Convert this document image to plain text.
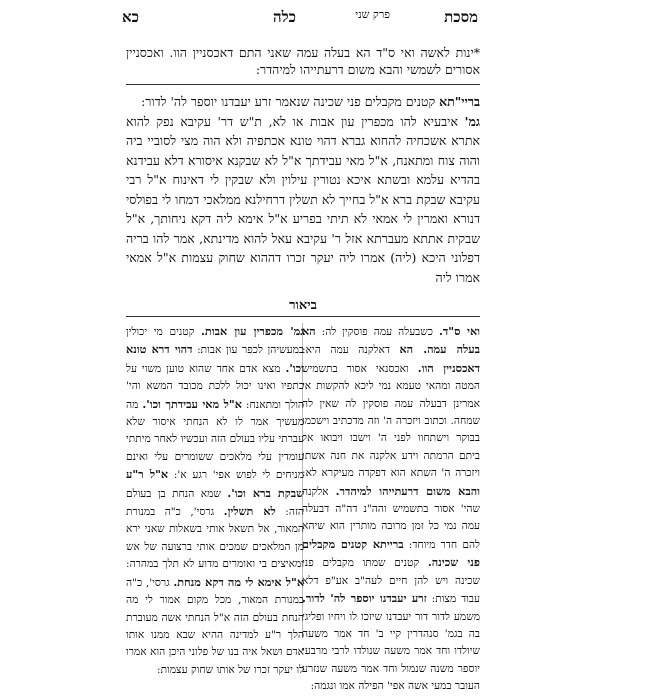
מסכת
פרק שני
כלה
כא
*ינות לאשה ואי ס"ד הא בעלה עמה שאני התם דאכסניין הוו. ואכסניין אסורים לשמשי והבא משום דרעתייהו למיהדר:
בריי"תא קטנים מקבלים פני שכינה שנאמר זרע יעבדנו יוספר לה' לדור:
גמ' איבעיא להו מכפרין עון אבות או לא, ת"ש דר' עקיבא נפק להוא אתרא אשכחיה להחוא גברא דהוי טונא אכתפיה ולא הוה מצי לסוביי ביה והוה צוח ומתאנח, א"ל מאי עבידתך א"ל לא שבקנא איסורא דלא עבידנא בהדיא עלמא ובשתא איכא נטורין עילוין ולא שבקין לי דאינוח א"ל רבי עקיבא שבקת ברא א"ל בחייך לא תשלין דרחילנא ממלאכי דמחו לי בפולסי דנורא ואמרין לי אמאי לא תיתי בפריע א"ל אימא ליה דקא ניחותך, א"ל שבקית אתתא מעברתא אזל ר' עקיבא עאל להוא מדינתא, אמר להו בריה דפלוני היכא (ליה) אמרו ליה יעקר זכרו דההוא שחוק עצמות א"ל אמאי אמרו ליה
ביאור
ואי ס"ד. כשבעלה עמה פוסקין לה: הא בעלה עמה. הא דאלקנה עמה היא: דאכסניין הוו. ואכסנאי אסור בתשמיש המטה ומהאי טעמא נמי ליכא להקשות אי אמרינן דבעלה עמה פוסקין לה שאין לה שמחה. וכתוב ויזכרה ה' וזה מדכתיב וישכמו בבוקר וישתחוו לפני ה' וישבו ויבואו אל ביתם הרמתה וידע אלקנה את חנה אשתו ויזכרה ה' השתא הוא דפקדה מעיקרא לא: והבא משום דרעתייהו למיהדר. אלקנה שהי' אסור בתשמיש והה"נ דה"ה דבעלה עמה נמי כל זמן מרובה מותרין הוא שיהא להם חדר מיוחד: ברייתא קטנים מקבלים פני שכינה. קטנים שמתו מקבלים פני שכינה ויש להן חיים לעה"ב אע"פ דלא עבוד מצות: זרע יעבדנו יוספר לה' לדור. משמע לדור דור יעבדנו שיזכו לו ויחיו ופליגי בה בגמ' סנהדרין קיי ב' חד אמר משעה שיולדו וחד אמר משעה שנולדו לרבי מרבעי יוספר משנה שנמול וחד אמר משעה שנזרע העובר במעי אשה אפי' הפילה אמו ונגמה:
גמ' מכפרין עון אבות. קטנים מי יכולין במעשיהן לכפר עון אבות: דהוי דרא טונא וכו'. מצא אדם אחד שהוא טוען משוי על כתפיו ואינו יכול ללכת מכובד המשא והי' הולך ומתאנח: א"ל מאי עבידתך וכו'. מה מעשיך אמר לו לא הנחתי איסור שלא עברתי עליו בעולם הזה ועכשיו לאחר מיתתי עומדין עלי מלאכים ששומרים עלי ואינם מניחים לי לפוש אפי' רגע א': א"ל ר"ע שבקת ברא וכו'. שמא הנחת בן בעולם הזה: לא תשלין. גרסי', כ"ה במנורת המאור, אל תשאל אותי בשאלות שאני ירא מן המלאכים שמכים אותי ברצועה של אש ומאיצים בי ואומרים מדוע לא תלך במהרה: א"ל אימא לי מה דקא מנחת. גרסי', כ"ה במנורת המאור, מכל מקום אמור לי מה הנחת בעולם הזה א"ל הנחתי אשה מעוברת הלך ר"ע למדינה ההיא שבא ממנו אותו אדם ושאל איה בנו של פלוני היכן הוא אמרו לו יעקר זכרו של אותו שחוק עצמות:
